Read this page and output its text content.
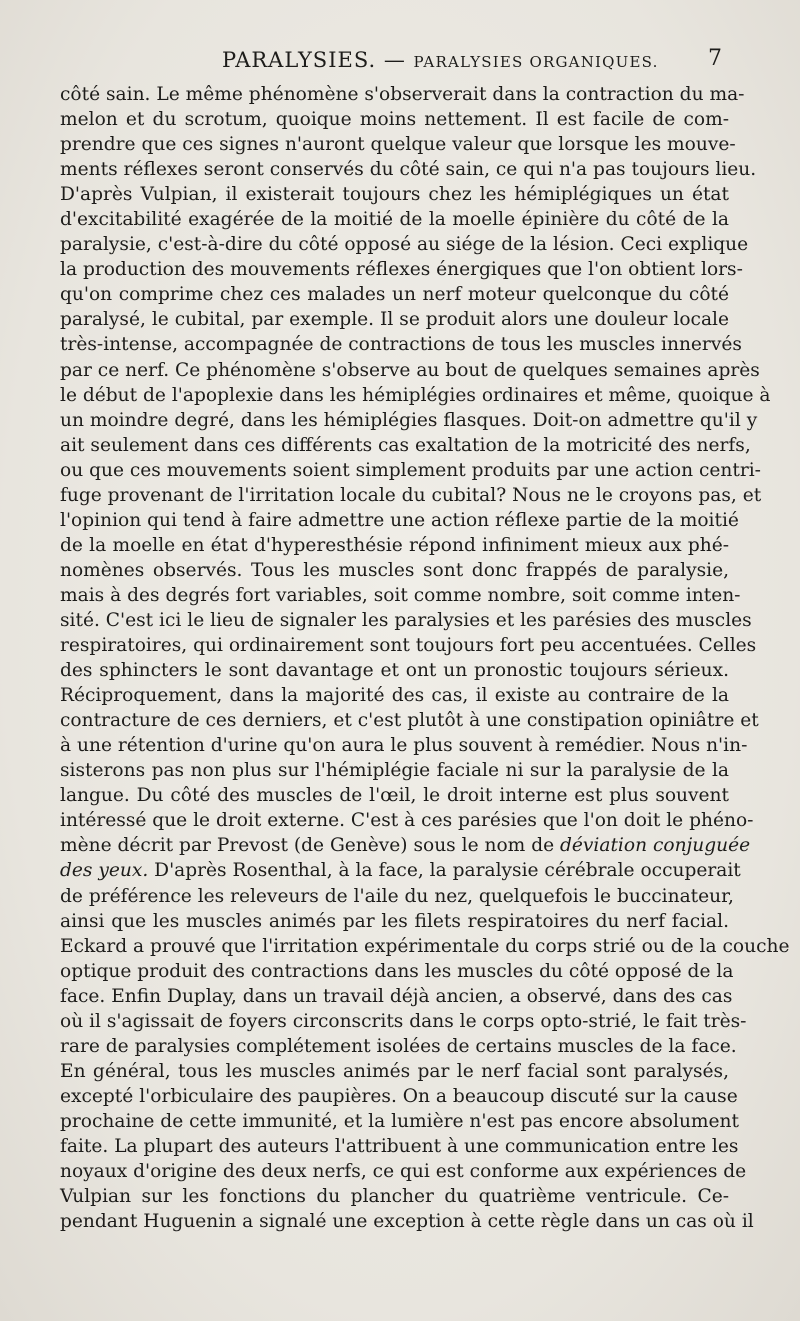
PARALYSIES. — PARALYSIES ORGANIQUES. 7

côté sain. Le même phénomène s'observerait dans la contraction du ma-

melon et du scrotum, quoique moins nettement. Il est facile de com-

prendre que ces signes n'auront quelque valeur que lorsque les mouve-

ments réflexes seront conservés du côté sain, ce qui n'a pas toujours lieu.

D'après Vulpian, il existerait toujours chez les hémiplégiques un état

d'excitabilité exagérée de la moitié de la moelle épinière du côté de la

paralysie, c'est-à-dire du côté opposé au siége de la lésion. Ceci explique

la production des mouvements réflexes énergiques que l'on obtient lors-

qu'on comprime chez ces malades un nerf moteur quelconque du côté

paralysé, le cubital, par exemple. Il se produit alors une douleur locale

très-intense, accompagnée de contractions de tous les muscles innervés

par ce nerf. Ce phénomène s'observe au bout de quelques semaines après

le début de l'apoplexie dans les hémiplégies ordinaires et même, quoique à

un moindre degré, dans les hémiplégies flasques. Doit-on admettre qu'il y

ait seulement dans ces différents cas exaltation de la motricité des nerfs,

ou que ces mouvements soient simplement produits par une action centri-

fuge provenant de l'irritation locale du cubital? Nous ne le croyons pas, et

l'opinion qui tend à faire admettre une action réflexe partie de la moitié

de la moelle en état d'hyperesthésie répond infiniment mieux aux phé-

nomènes observés. Tous les muscles sont donc frappés de paralysie,

mais à des degrés fort variables, soit comme nombre, soit comme inten-

sité. C'est ici le lieu de signaler les paralysies et les parésies des muscles

respiratoires, qui ordinairement sont toujours fort peu accentuées. Celles

des sphincters le sont davantage et ont un pronostic toujours sérieux.

Réciproquement, dans la majorité des cas, il existe au contraire de la

contracture de ces derniers, et c'est plutôt à une constipation opiniâtre et

à une rétention d'urine qu'on aura le plus souvent à remédier. Nous n'in-

sisterons pas non plus sur l'hémiplégie faciale ni sur la paralysie de la

langue. Du côté des muscles de l'œil, le droit interne est plus souvent

intéressé que le droit externe. C'est à ces parésies que l'on doit le phéno-

mène décrit par Prevost (de Genève) sous le nom de déviation conjuguée

des yeux. D'après Rosenthal, à la face, la paralysie cérébrale occuperait

de préférence les releveurs de l'aile du nez, quelquefois le buccinateur,

ainsi que les muscles animés par les filets respiratoires du nerf facial.

Eckard a prouvé que l'irritation expérimentale du corps strié ou de la couche

optique produit des contractions dans les muscles du côté opposé de la

face. Enfin Duplay, dans un travail déjà ancien, a observé, dans des cas

où il s'agissait de foyers circonscrits dans le corps opto-strié, le fait très-

rare de paralysies complétement isolées de certains muscles de la face.

En général, tous les muscles animés par le nerf facial sont paralysés,

excepté l'orbiculaire des paupières. On a beaucoup discuté sur la cause

prochaine de cette immunité, et la lumière n'est pas encore absolument

faite. La plupart des auteurs l'attribuent à une communication entre les

noyaux d'origine des deux nerfs, ce qui est conforme aux expériences de

Vulpian sur les fonctions du plancher du quatrième ventricule. Ce-

pendant Huguenin a signalé une exception à cette règle dans un cas où il
